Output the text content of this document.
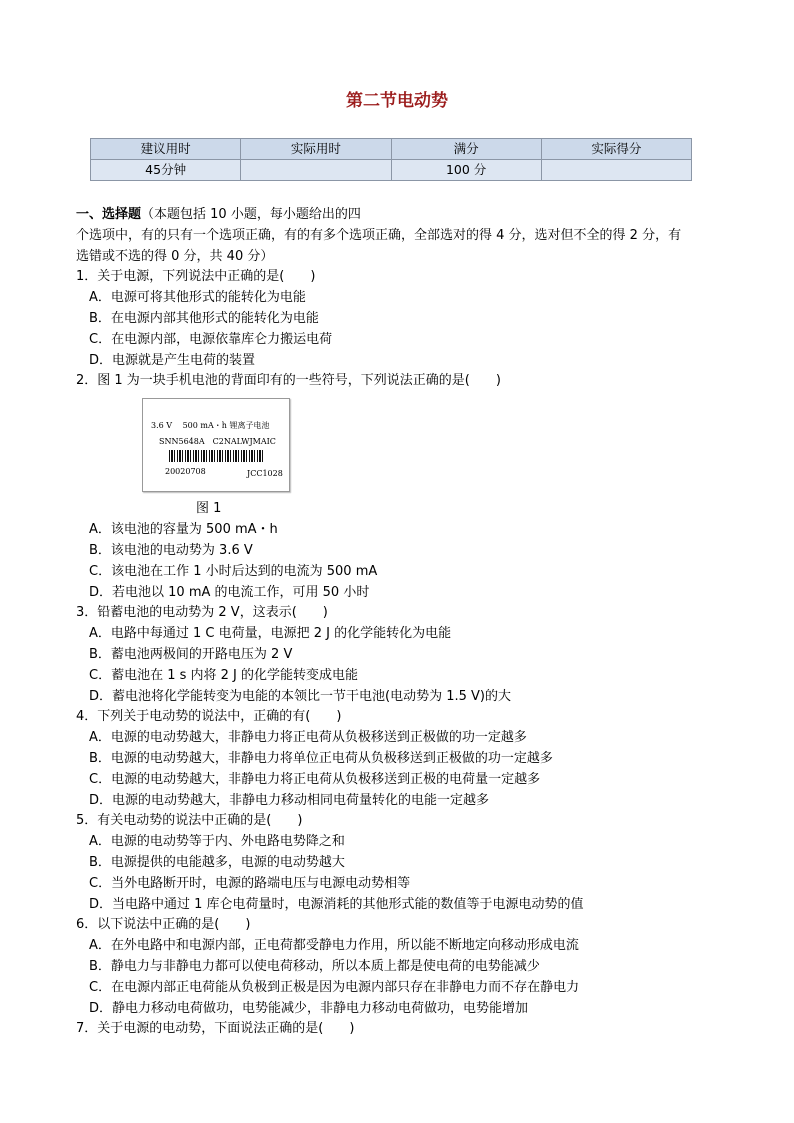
第二节电动势
建议用时	实际用时	满分	实际得分
45分钟		100 分	
一、选择题（本题包括 10 小题，每小题给出的四
个选项中，有的只有一个选项正确，有的有多个选项正确，全部选对的得 4 分，选对但不全的得 2 分，有
选错或不选的得 0 分，共 40 分）
1．关于电源，下列说法中正确的是(　　)
A．电源可将其他形式的能转化为电能
B．在电源内部其他形式的能转化为电能
C．在电源内部，电源依靠库仑力搬运电荷
D．电源就是产生电荷的装置
2．图 1 为一块手机电池的背面印有的一些符号，下列说法正确的是(　　)
3.6 V　 500 mA・h 锂离子电池
SNN5648A　C2NALWJMAIC
20020708	JCC1028
图 1
A．该电池的容量为 500 mA・h
B．该电池的电动势为 3.6 V
C．该电池在工作 1 小时后达到的电流为 500 mA
D．若电池以 10 mA 的电流工作，可用 50 小时
3．铅蓄电池的电动势为 2 V，这表示(　　)
A．电路中每通过 1 C 电荷量，电源把 2 J 的化学能转化为电能
B．蓄电池两极间的开路电压为 2 V
C．蓄电池在 1 s 内将 2 J 的化学能转变成电能
D．蓄电池将化学能转变为电能的本领比一节干电池(电动势为 1.5 V)的大
4．下列关于电动势的说法中，正确的有(　　)
A．电源的电动势越大，非静电力将正电荷从负极移送到正极做的功一定越多
B．电源的电动势越大，非静电力将单位正电荷从负极移送到正极做的功一定越多
C．电源的电动势越大，非静电力将正电荷从负极移送到正极的电荷量一定越多
D．电源的电动势越大，非静电力移动相同电荷量转化的电能一定越多
5．有关电动势的说法中正确的是(　　)
A．电源的电动势等于内、外电路电势降之和
B．电源提供的电能越多，电源的电动势越大
C．当外电路断开时，电源的路端电压与电源电动势相等
D．当电路中通过 1 库仑电荷量时，电源消耗的其他形式能的数值等于电源电动势的值
6．以下说法中正确的是(　　)
A．在外电路中和电源内部，正电荷都受静电力作用，所以能不断地定向移动形成电流
B．静电力与非静电力都可以使电荷移动，所以本质上都是使电荷的电势能减少
C．在电源内部正电荷能从负极到正极是因为电源内部只存在非静电力而不存在静电力
D．静电力移动电荷做功，电势能减少，非静电力移动电荷做功，电势能增加
7．关于电源的电动势，下面说法正确的是(　　)
